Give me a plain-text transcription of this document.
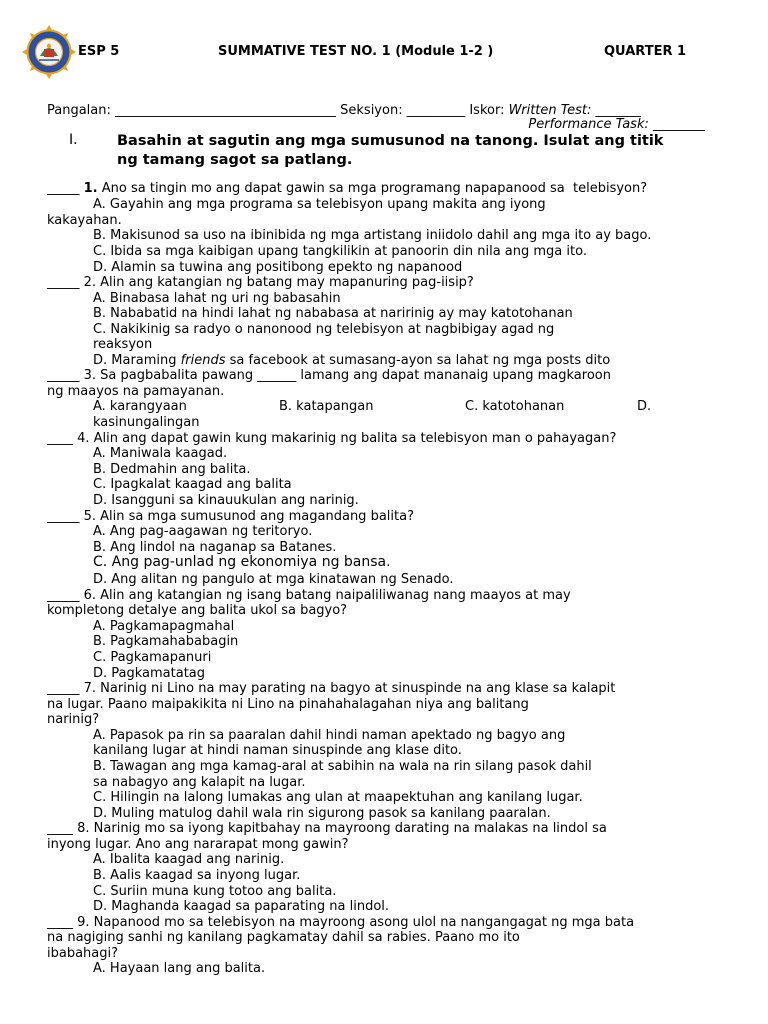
ESP 5	SUMMATIVE TEST NO. 1 (Module 1-2 )	QUARTER 1
Pangalan: __________________________________ Seksiyon: _________ Iskor: Written Test: _______
Performance Task: ________
I.	Basahin at sagutin ang mga sumusunod na tanong. Isulat ang titik
ng tamang sagot sa patlang.
_____ 1. Ano sa tingin mo ang dapat gawin sa mga programang napapanood sa  telebisyon?
A. Gayahin ang mga programa sa telebisyon upang makita ang iyong
kakayahan.
B. Makisunod sa uso na ibinibida ng mga artistang iniidolo dahil ang mga ito ay bago.
C. Ibida sa mga kaibigan upang tangkilikin at panoorin din nila ang mga ito.
D. Alamin sa tuwina ang positibong epekto ng napanood
_____ 2. Alin ang katangian ng batang may mapanuring pag-iisip?
A. Binabasa lahat ng uri ng babasahin
B. Nababatid na hindi lahat ng nababasa at naririnig ay may katotohanan
C. Nakikinig sa radyo o nanonood ng telebisyon at nagbibigay agad ng
reaksyon
D. Maraming friends sa facebook at sumasang-ayon sa lahat ng mga posts dito
_____ 3. Sa pagbabalita pawang ______ lamang ang dapat mananaig upang magkaroon
ng maayos na pamayanan.
A. karangyaan	B. katapangan	C. katotohanan	D.
kasinungalingan
____ 4. Alin ang dapat gawin kung makarinig ng balita sa telebisyon man o pahayagan?
A. Maniwala kaagad.
B. Dedmahin ang balita.
C. Ipagkalat kaagad ang balita
D. Isangguni sa kinauukulan ang narinig.
_____ 5. Alin sa mga sumusunod ang magandang balita?
A. Ang pag-aagawan ng teritoryo.
B. Ang lindol na naganap sa Batanes.
C. Ang pag-unlad ng ekonomiya ng bansa.
D. Ang alitan ng pangulo at mga kinatawan ng Senado.
_____ 6. Alin ang katangian ng isang batang naipaliliwanag nang maayos at may
kompletong detalye ang balita ukol sa bagyo?
A. Pagkamapagmahal
B. Pagkamahababagin
C. Pagkamapanuri
D. Pagkamatatag
_____ 7. Narinig ni Lino na may parating na bagyo at sinuspinde na ang klase sa kalapit
na lugar. Paano maipakikita ni Lino na pinahahalagahan niya ang balitang
narinig?
A. Papasok pa rin sa paaralan dahil hindi naman apektado ng bagyo ang
kanilang lugar at hindi naman sinuspinde ang klase dito.
B. Tawagan ang mga kamag-aral at sabihin na wala na rin silang pasok dahil
sa nabagyo ang kalapit na lugar.
C. Hilingin na lalong lumakas ang ulan at maapektuhan ang kanilang lugar.
D. Muling matulog dahil wala rin sigurong pasok sa kanilang paaralan.
____ 8. Narinig mo sa iyong kapitbahay na mayroong darating na malakas na lindol sa
inyong lugar. Ano ang nararapat mong gawin?
A. Ibalita kaagad ang narinig.
B. Aalis kaagad sa inyong lugar.
C. Suriin muna kung totoo ang balita.
D. Maghanda kaagad sa paparating na lindol.
____ 9. Napanood mo sa telebisyon na mayroong asong ulol na nangangagat ng mga bata
na nagiging sanhi ng kanilang pagkamatay dahil sa rabies. Paano mo ito
ibabahagi?
A. Hayaan lang ang balita.
